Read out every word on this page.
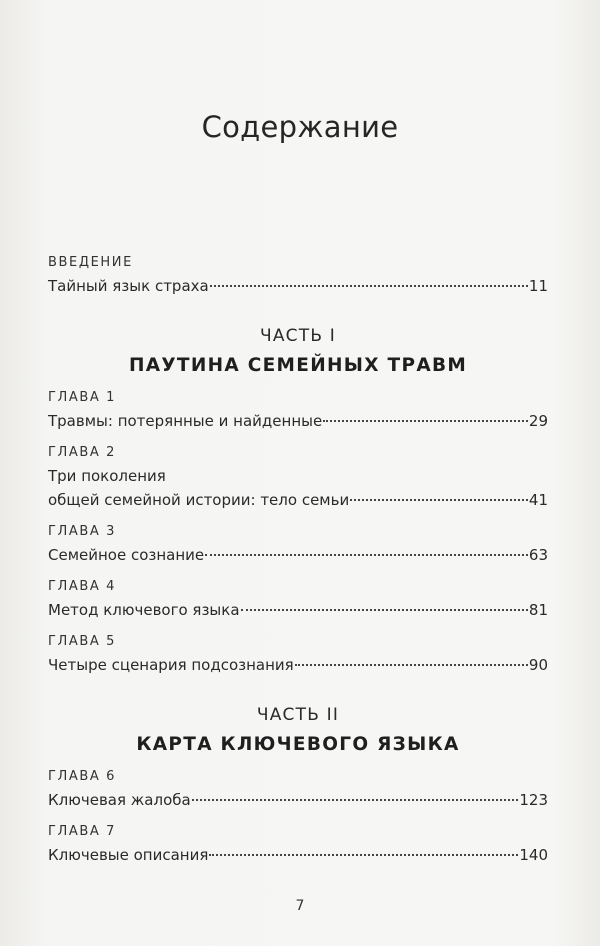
Содержание
ВВЕДЕНИЕ
Тайный язык страха	11
ЧАСТЬ I
ПАУТИНА СЕМЕЙНЫХ ТРАВМ
ГЛАВА 1
Травмы: потерянные и найденные	29
ГЛАВА 2
Три поколения
общей семейной истории: тело семьи	41
ГЛАВА 3
Семейное сознание	63
ГЛАВА 4
Метод ключевого языка	81
ГЛАВА 5
Четыре сценария подсознания	90
ЧАСТЬ II
КАРТА КЛЮЧЕВОГО ЯЗЫКА
ГЛАВА 6
Ключевая жалоба	123
ГЛАВА 7
Ключевые описания	140
7
